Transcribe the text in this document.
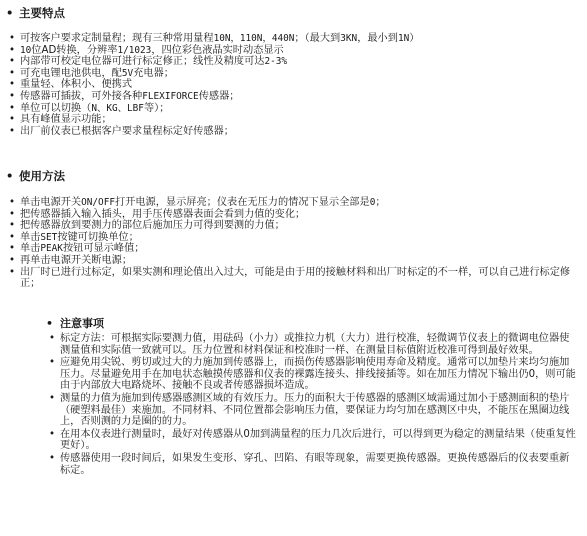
• 主要特点
• 可按客户要求定制量程；现有三种常用量程10N，110N，440N；（最大到3KN，最小到1N）
• 10位AD转换，分辨率1/1023，四位彩色液晶实时动态显示
• 内部带可校定电位器可进行标定修正；线性及精度可达2-3%
• 可充电锂电池供电，配5V充电器；
• 重量轻、体积小、便携式
• 传感器可插拔，可外接各种FLEXIFORCE传感器；
• 单位可以切换（N、KG、LBF等）；
• 具有峰值显示功能；
• 出厂前仪表已根据客户要求量程标定好传感器；
• 使用方法
• 单击电源开关ON/OFF打开电源，显示屏亮；仪表在无压力的情况下显示全部是0；
• 把传感器插入输入插头，用手压传感器表面会看到力值的变化；
• 把传感器放到要测力的部位后施加压力可得到要测的力值；
• 单击SET按键可切换单位；
• 单击PEAK按钮可显示峰值；
• 再单击电源开关断电源；
• 出厂时已进行过标定，如果实测和理论值出入过大，可能是由于用的接触材料和出厂时标定的不一样，可以自己进行标定修正；
• 注意事项
• 标定方法：可根据实际要测力值，用砝码（小力）或推拉力机（大力）进行校准，轻微调节仪表上的微调电位器使测量值和实际值一致就可以。压力位置和材料保证和校准时一样、在测量目标值附近校准可得到最好效果。
• 应避免用尖锐、剪切或过大的力施加到传感器上，而损伤传感器影响使用寿命及精度。通常可以加垫片来均匀施加压力。尽量避免用手在加电状态触摸传感器和仪表的裸露连接头、排线接插等。如在加压力情况下输出仍0，则可能由于内部放大电路烧坏、接触不良或者传感器损坏造成。
• 测量的力值为施加到传感器感测区域的有效压力。压力的面积大于传感器的感测区域需通过加小于感测面积的垫片（硬塑料最佳）来施加。不同材料、不同位置都会影响压力值，要保证力均匀加在感测区中央，不能压在黑圈边线上，否则测的力是圈的的力。
• 在用本仪表进行测量时，最好对传感器从0加到满量程的压力几次后进行，可以得到更为稳定的测量结果（使重复性更好）。
• 传感器使用一段时间后，如果发生变形、穿孔、凹陷、有眼等现象，需要更换传感器。更换传感器后的仪表要重新标定。
